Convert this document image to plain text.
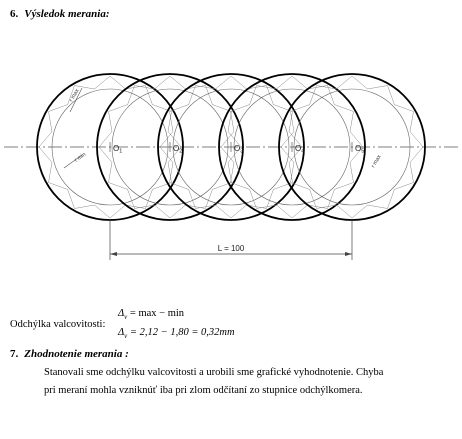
6. Výsledok merania:
L = 100
r max
r min	r max
O1	O2	O3	O4	O5
Odchýlka valcovitosti:
$\Delta_v = \max - \min$
$\Delta_v = 2,12 - 1,80 = 0,32mm$
7. Zhodnotenie merania :
Stanovali sme odchýlku valcovitosti a urobili sme grafické vyhodnotenie. Chyba
pri meraní mohla vzniknúť iba pri zlom odčítaní zo stupnice odchýlkomera.
